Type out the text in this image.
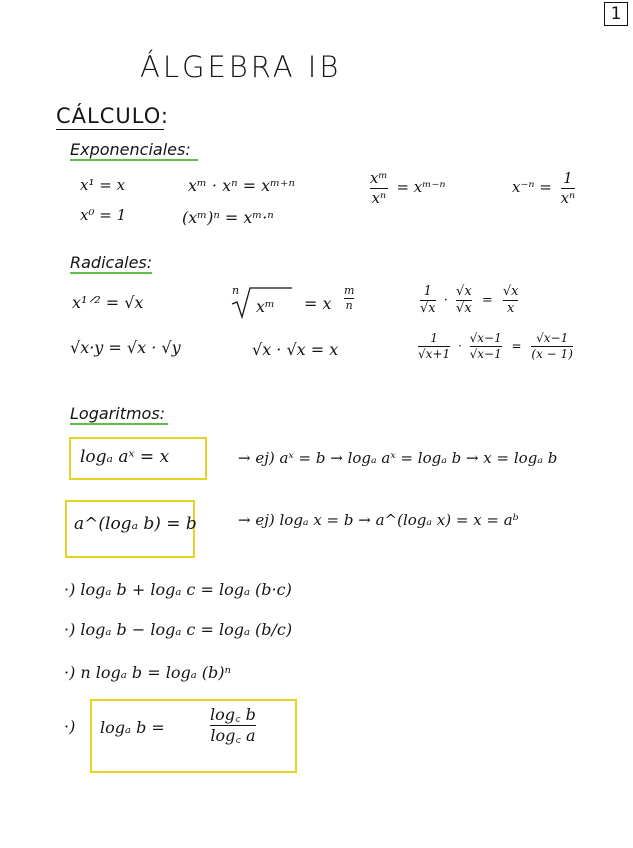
1
ÁLGEBRA IB
CÁLCULO:
Exponenciales:
x¹ = x
x⁰ = 1
xᵐ · xⁿ = xᵐ⁺ⁿ
(xᵐ)ⁿ = xᵐ·ⁿ
$\frac{\text{xᵐ}}{\text{xⁿ}}$ = xᵐ⁻ⁿ	$x^{-n} = \frac{1}{\text{xⁿ}}$
Radicales:
x¹ᐟ² = √x
n
xᵐ = x $\frac{m}{n}$	$\frac{1}{√x} \cdot \frac{√x}{√x} = \frac{√x}{x}$
√x·y = √x · √y	√x · √x = x	$\frac{1}{√x+1} \cdot \frac{√x-1}{√x-1} = \frac{√x-1}{(x - 1)}$
Logaritmos:
logₐ aˣ = x	→ ej) aˣ = b → logₐ aˣ = logₐ b → x = logₐ b
a^(logₐ b) = b	→ ej) logₐ x = b → a^(logₐ x) = x = aᵇ
·) logₐ b + logₐ c = logₐ (b·c)
·) logₐ b − logₐ c = logₐ (b/c)
·) n logₐ b = logₐ (b)ⁿ
·) logₐ b =	$\frac{\log꜀ b}{\log꜀ a}$
